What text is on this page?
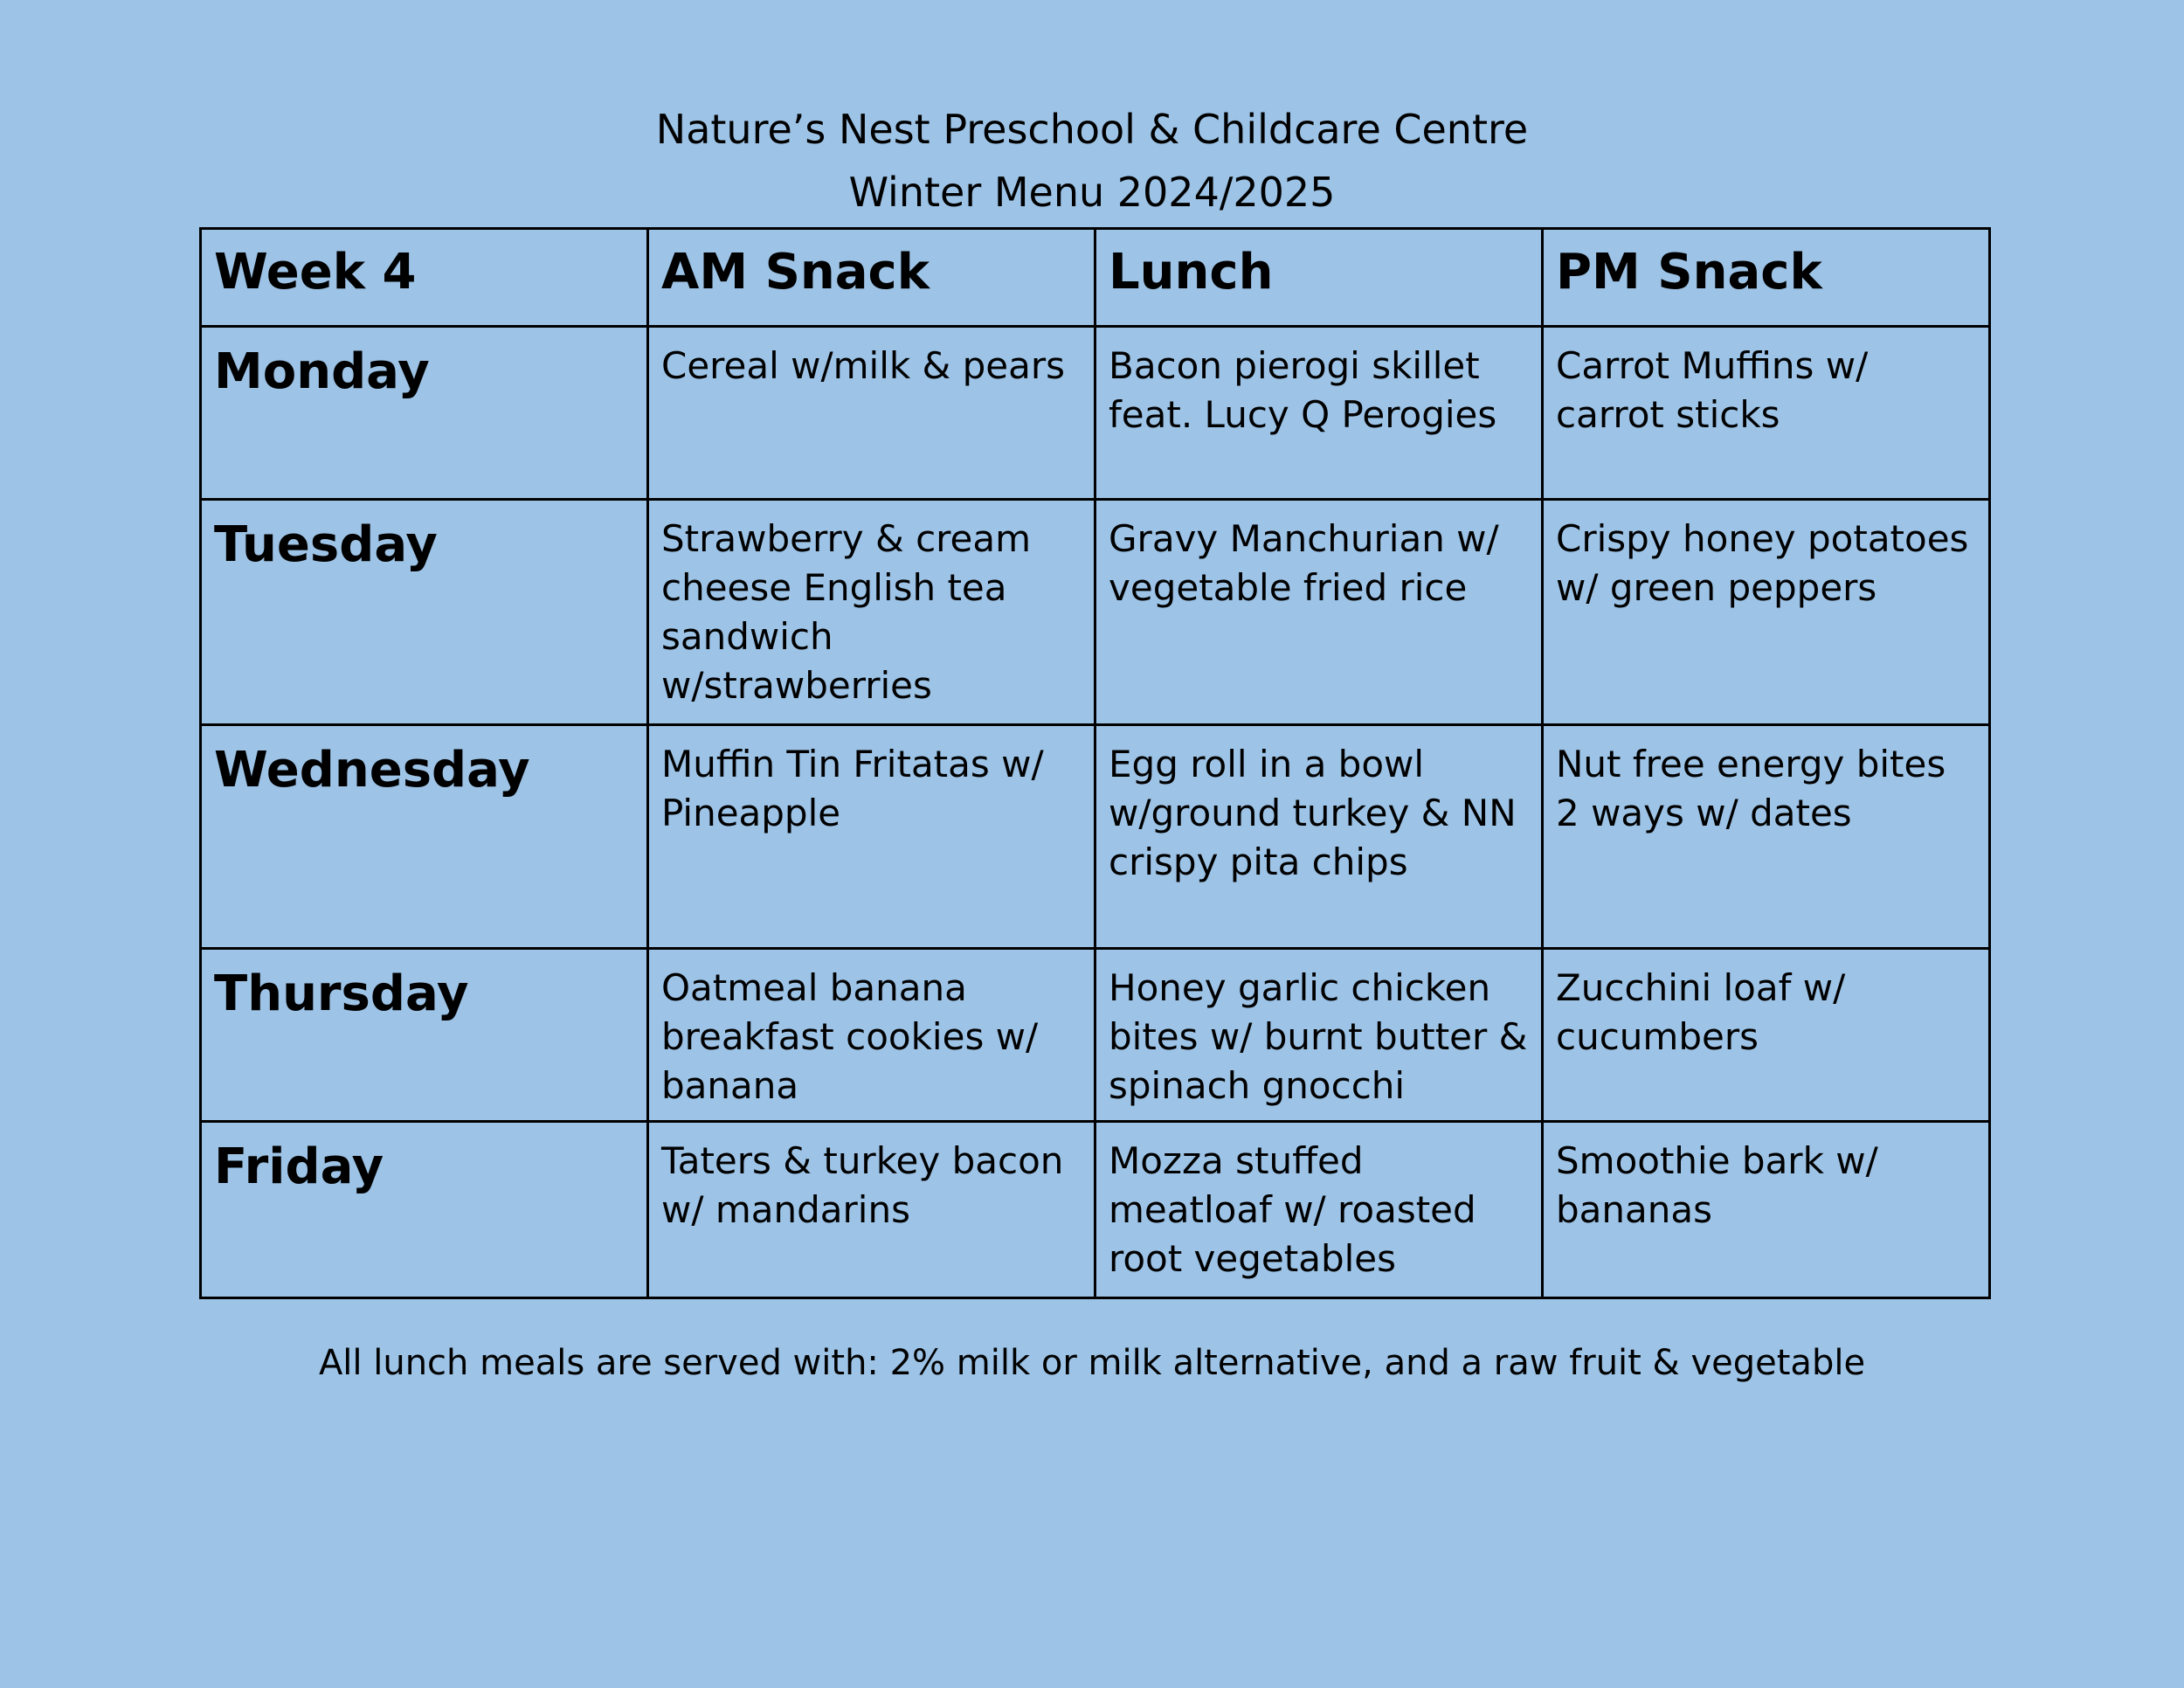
Nature’s Nest Preschool & Childcare Centre
Winter Menu 2024/2025
Week 4	AM Snack	Lunch	PM Snack
Monday	Cereal w/milk & pears	Bacon pierogi skillet feat. Lucy Q Perogies	Carrot Muffins w/ carrot sticks
Tuesday	Strawberry & cream cheese English tea sandwich w/strawberries	Gravy Manchurian w/ vegetable fried rice	Crispy honey potatoes w/ green peppers
Wednesday	Muffin Tin Fritatas w/ Pineapple	Egg roll in a bowl w/ground turkey & NN crispy pita chips	Nut free energy bites 2 ways w/ dates
Thursday	Oatmeal banana breakfast cookies w/ banana	Honey garlic chicken bites w/ burnt butter & spinach gnocchi	Zucchini loaf w/ cucumbers
Friday	Taters & turkey bacon w/ mandarins	Mozza stuffed meatloaf w/ roasted root vegetables	Smoothie bark w/ bananas
All lunch meals are served with: 2% milk or milk alternative, and a raw fruit & vegetable
